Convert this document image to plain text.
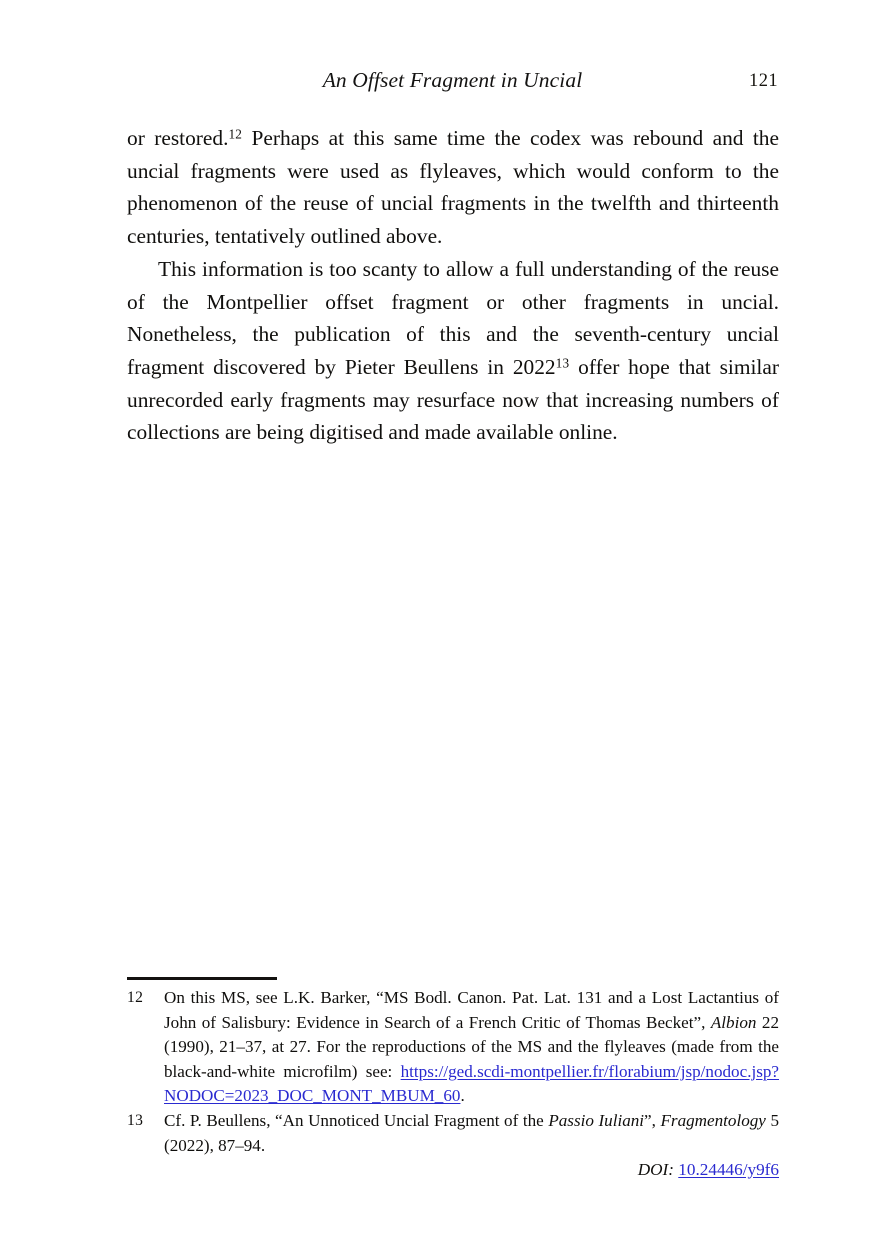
An Offset Fragment in Uncial	121

or restored.$^{12}$ Perhaps at this same time the codex was rebound and the uncial fragments were used as flyleaves, which would conform to the phenomenon of the reuse of uncial fragments in the twelfth and thirteenth centuries, tentatively outlined above.

This information is too scanty to allow a full understanding of the reuse of the Montpellier offset fragment or other fragments in uncial. Nonetheless, the publication of this and the seventh-century uncial fragment discovered by Pieter Beullens in 2022$^{13}$ offer hope that similar unrecorded early fragments may resurface now that increasing numbers of collections are being digitised and made available online.

12 On this MS, see L.K. Barker, “MS Bodl. Canon. Pat. Lat. 131 and a Lost Lactantius of John of Salisbury: Evidence in Search of a French Critic of Thomas Becket”, Albion 22 (1990), 21–37, at 27. For the reproductions of the MS and the flyleaves (made from the black-and-white microfilm) see: https://ged.scdi-montpellier.fr/florabium/jsp/nodoc.jsp?NODOC=2023_DOC_MONT_MBUM_60.

13 Cf. P. Beullens, “An Unnoticed Uncial Fragment of the Passio Iuliani”, Fragmentology 5 (2022), 87–94.

DOI: 10.24446/y9f6
